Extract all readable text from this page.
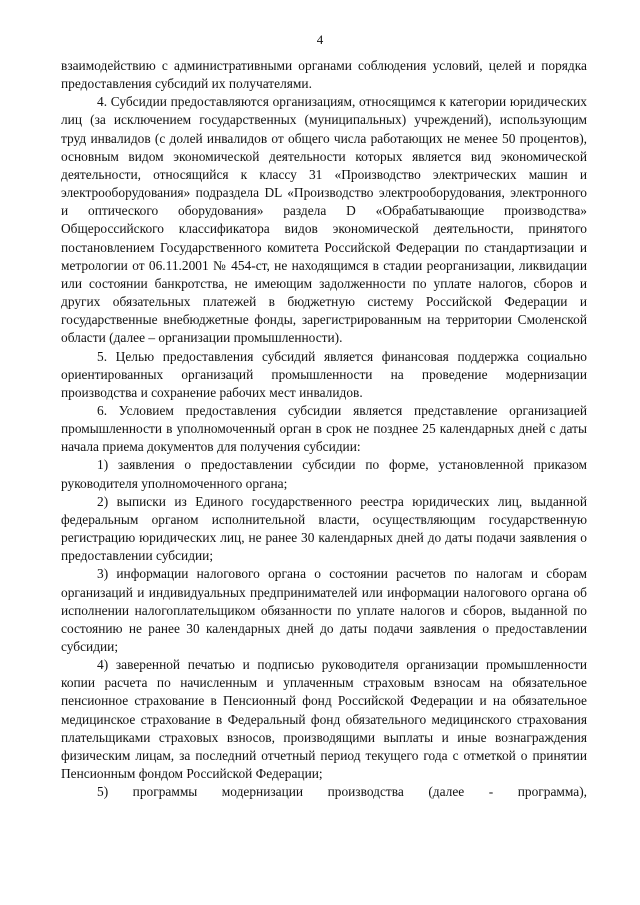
4

взаимодействию с административными органами соблюдения условий, целей и порядка предоставления субсидий их получателями.

4. Субсидии предоставляются организациям, относящимся к категории юридических лиц (за исключением государственных (муниципальных) учреждений), использующим труд инвалидов (с долей инвалидов от общего числа работающих не менее 50 процентов), основным видом экономической деятельности которых является вид экономической деятельности, относящийся к классу 31 «Производство электрических машин и электрооборудования» подраздела DL «Производство электрооборудования, электронного и оптического оборудования» раздела D «Обрабатывающие производства» Общероссийского классификатора видов экономической деятельности, принятого постановлением Государственного комитета Российской Федерации по стандартизации и метрологии от 06.11.2001 № 454-ст, не находящимся в стадии реорганизации, ликвидации или состоянии банкротства, не имеющим задолженности по уплате налогов, сборов и других обязательных платежей в бюджетную систему Российской Федерации и государственные внебюджетные фонды, зарегистрированным на территории Смоленской области (далее – организации промышленности).

5. Целью предоставления субсидий является финансовая поддержка социально ориентированных организаций промышленности на проведение модернизации производства и сохранение рабочих мест инвалидов.

6. Условием предоставления субсидии является представление организацией промышленности в уполномоченный орган в срок не позднее 25 календарных дней с даты начала приема документов для получения субсидии:

1) заявления о предоставлении субсидии по форме, установленной приказом руководителя уполномоченного органа;

2) выписки из Единого государственного реестра юридических лиц, выданной федеральным органом исполнительной власти, осуществляющим государственную регистрацию юридических лиц, не ранее 30 календарных дней до даты подачи заявления о предоставлении субсидии;

3) информации налогового органа о состоянии расчетов по налогам и сборам организаций и индивидуальных предпринимателей или информации налогового органа об исполнении налогоплательщиком обязанности по уплате налогов и сборов, выданной по состоянию не ранее 30 календарных дней до даты подачи заявления о предоставлении субсидии;

4) заверенной печатью и подписью руководителя организации промышленности копии расчета по начисленным и уплаченным страховым взносам на обязательное пенсионное страхование в Пенсионный фонд Российской Федерации и на обязательное медицинское страхование в Федеральный фонд обязательного медицинского страхования плательщиками страховых взносов, производящими выплаты и иные вознаграждения физическим лицам, за последний отчетный период текущего года с отметкой о принятии Пенсионным фондом Российской Федерации;

5) программы модернизации производства (далее - программа),
